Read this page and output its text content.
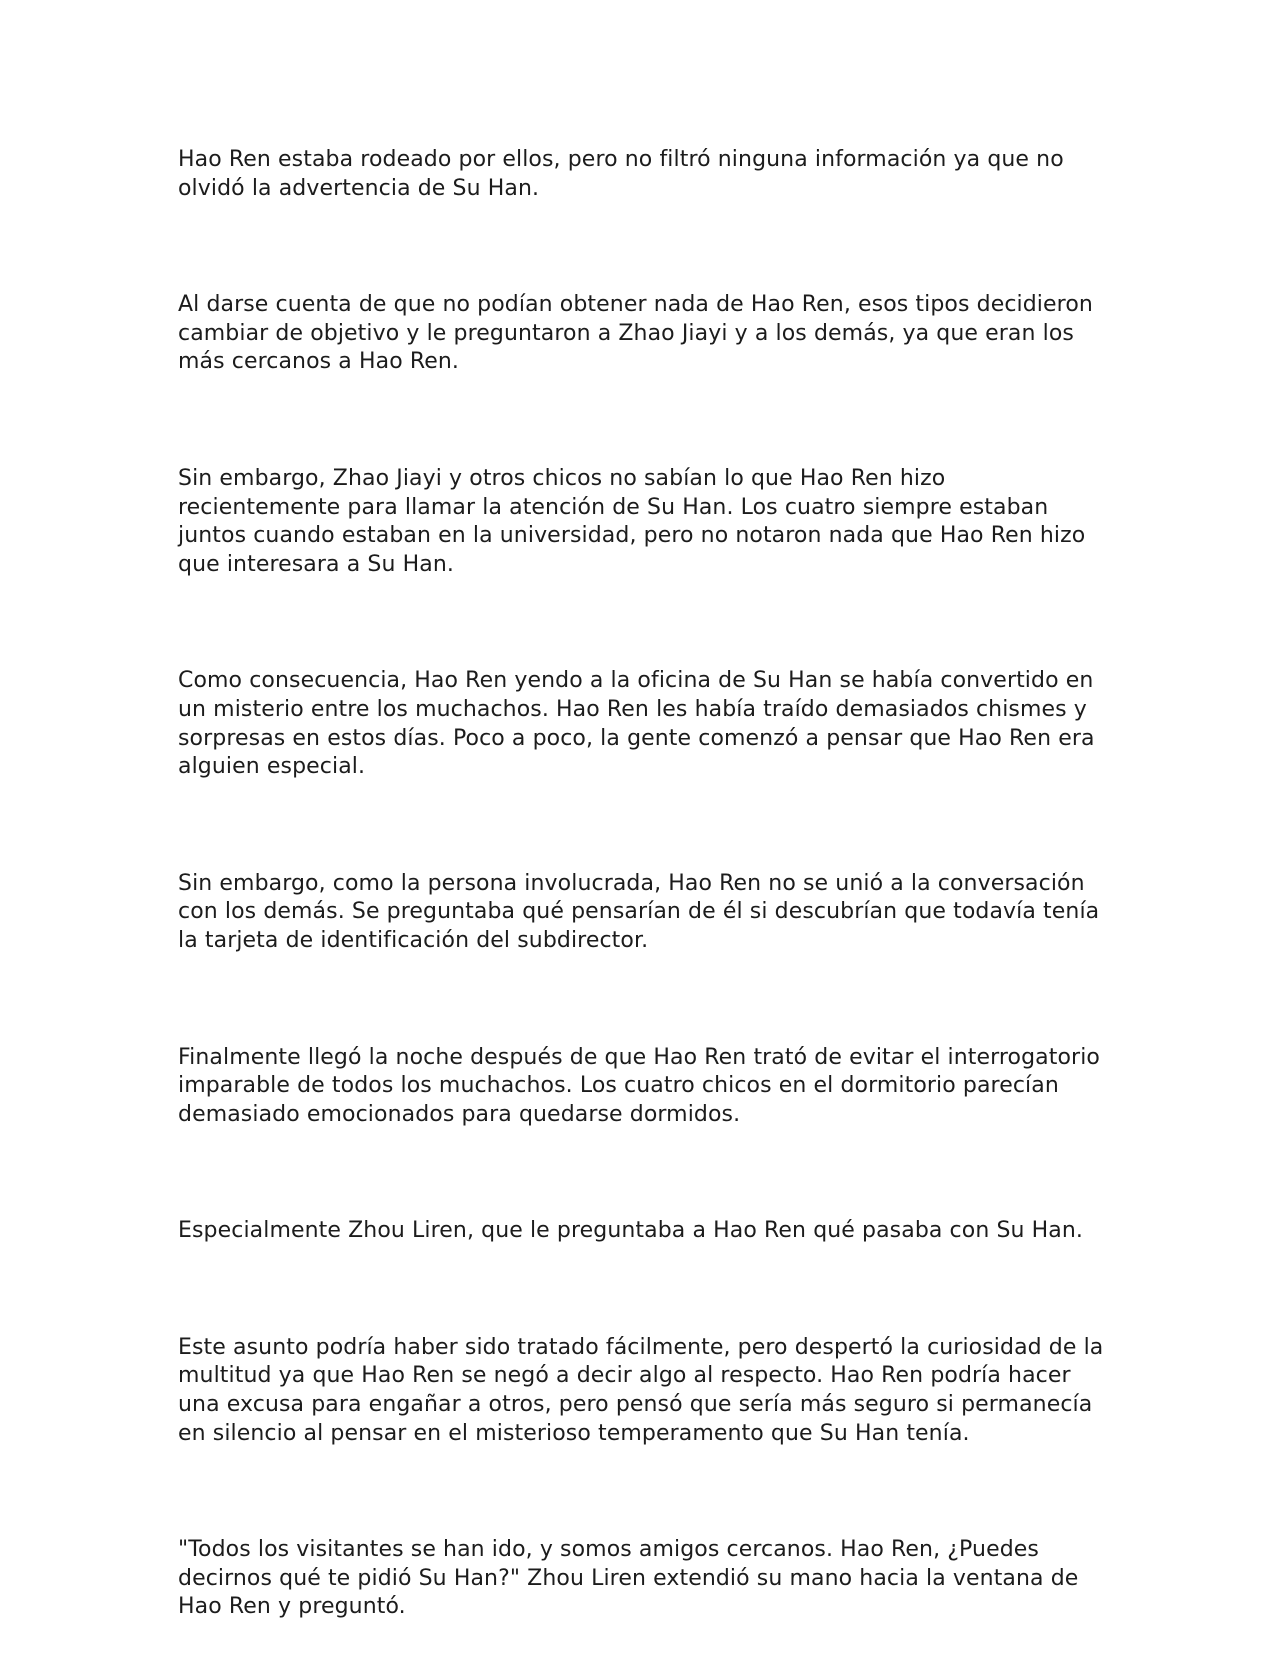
Hao Ren estaba rodeado por ellos, pero no filtró ninguna información ya que no olvidó la advertencia de Su Han.

Al darse cuenta de que no podían obtener nada de Hao Ren, esos tipos decidieron cambiar de objetivo y le preguntaron a Zhao Jiayi y a los demás, ya que eran los más cercanos a Hao Ren.

Sin embargo, Zhao Jiayi y otros chicos no sabían lo que Hao Ren hizo recientemente para llamar la atención de Su Han. Los cuatro siempre estaban juntos cuando estaban en la universidad, pero no notaron nada que Hao Ren hizo que interesara a Su Han.

Como consecuencia, Hao Ren yendo a la oficina de Su Han se había convertido en un misterio entre los muchachos. Hao Ren les había traído demasiados chismes y sorpresas en estos días. Poco a poco, la gente comenzó a pensar que Hao Ren era alguien especial.

Sin embargo, como la persona involucrada, Hao Ren no se unió a la conversación con los demás. Se preguntaba qué pensarían de él si descubrían que todavía tenía la tarjeta de identificación del subdirector.

Finalmente llegó la noche después de que Hao Ren trató de evitar el interrogatorio imparable de todos los muchachos. Los cuatro chicos en el dormitorio parecían demasiado emocionados para quedarse dormidos.

Especialmente Zhou Liren, que le preguntaba a Hao Ren qué pasaba con Su Han.

Este asunto podría haber sido tratado fácilmente, pero despertó la curiosidad de la multitud ya que Hao Ren se negó a decir algo al respecto. Hao Ren podría hacer una excusa para engañar a otros, pero pensó que sería más seguro si permanecía en silencio al pensar en el misterioso temperamento que Su Han tenía.

"Todos los visitantes se han ido, y somos amigos cercanos. Hao Ren, ¿Puedes decirnos qué te pidió Su Han?" Zhou Liren extendió su mano hacia la ventana de Hao Ren y preguntó.
